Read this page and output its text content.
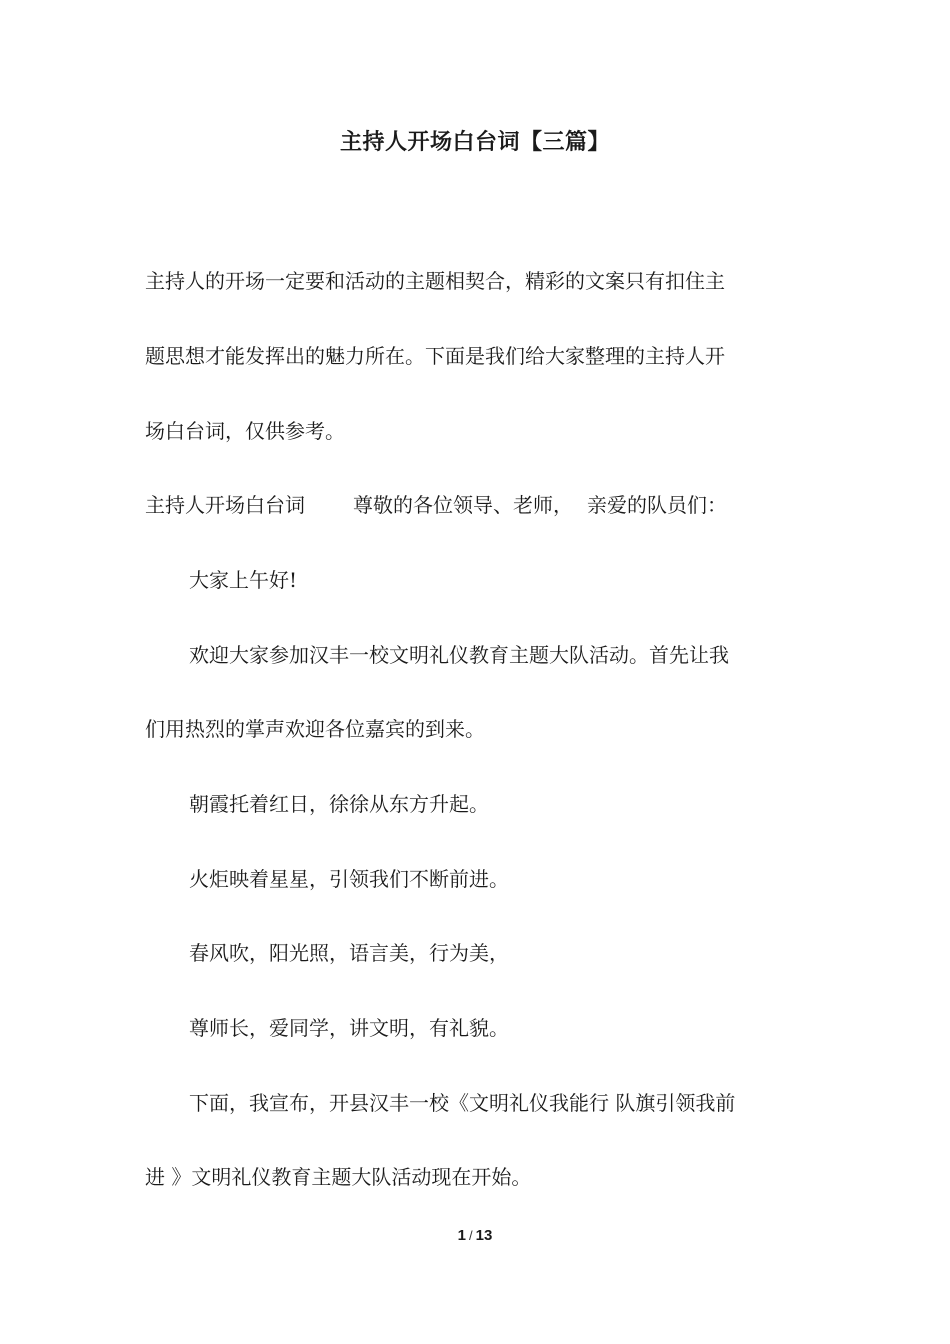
主持人开场白台词【三篇】

主持人的开场一定要和活动的主题相契合，精彩的文案只有扣住主

题思想才能发挥出的魅力所在。下面是我们给大家整理的主持人开

场白台词，仅供参考。

主持人开场白台词 尊敬的各位领导、老师， 亲爱的队员们：

大家上午好!

欢迎大家参加汉丰一校文明礼仪教育主题大队活动。首先让我

们用热烈的掌声欢迎各位嘉宾的到来。

朝霞托着红日，徐徐从东方升起。

火炬映着星星，引领我们不断前进。

春风吹，阳光照，语言美，行为美，

尊师长，爱同学，讲文明，有礼貌。

下面，我宣布，开县汉丰一校《文明礼仪我能行 队旗引领我前

进 》文明礼仪教育主题大队活动现在开始。

1 / 13
